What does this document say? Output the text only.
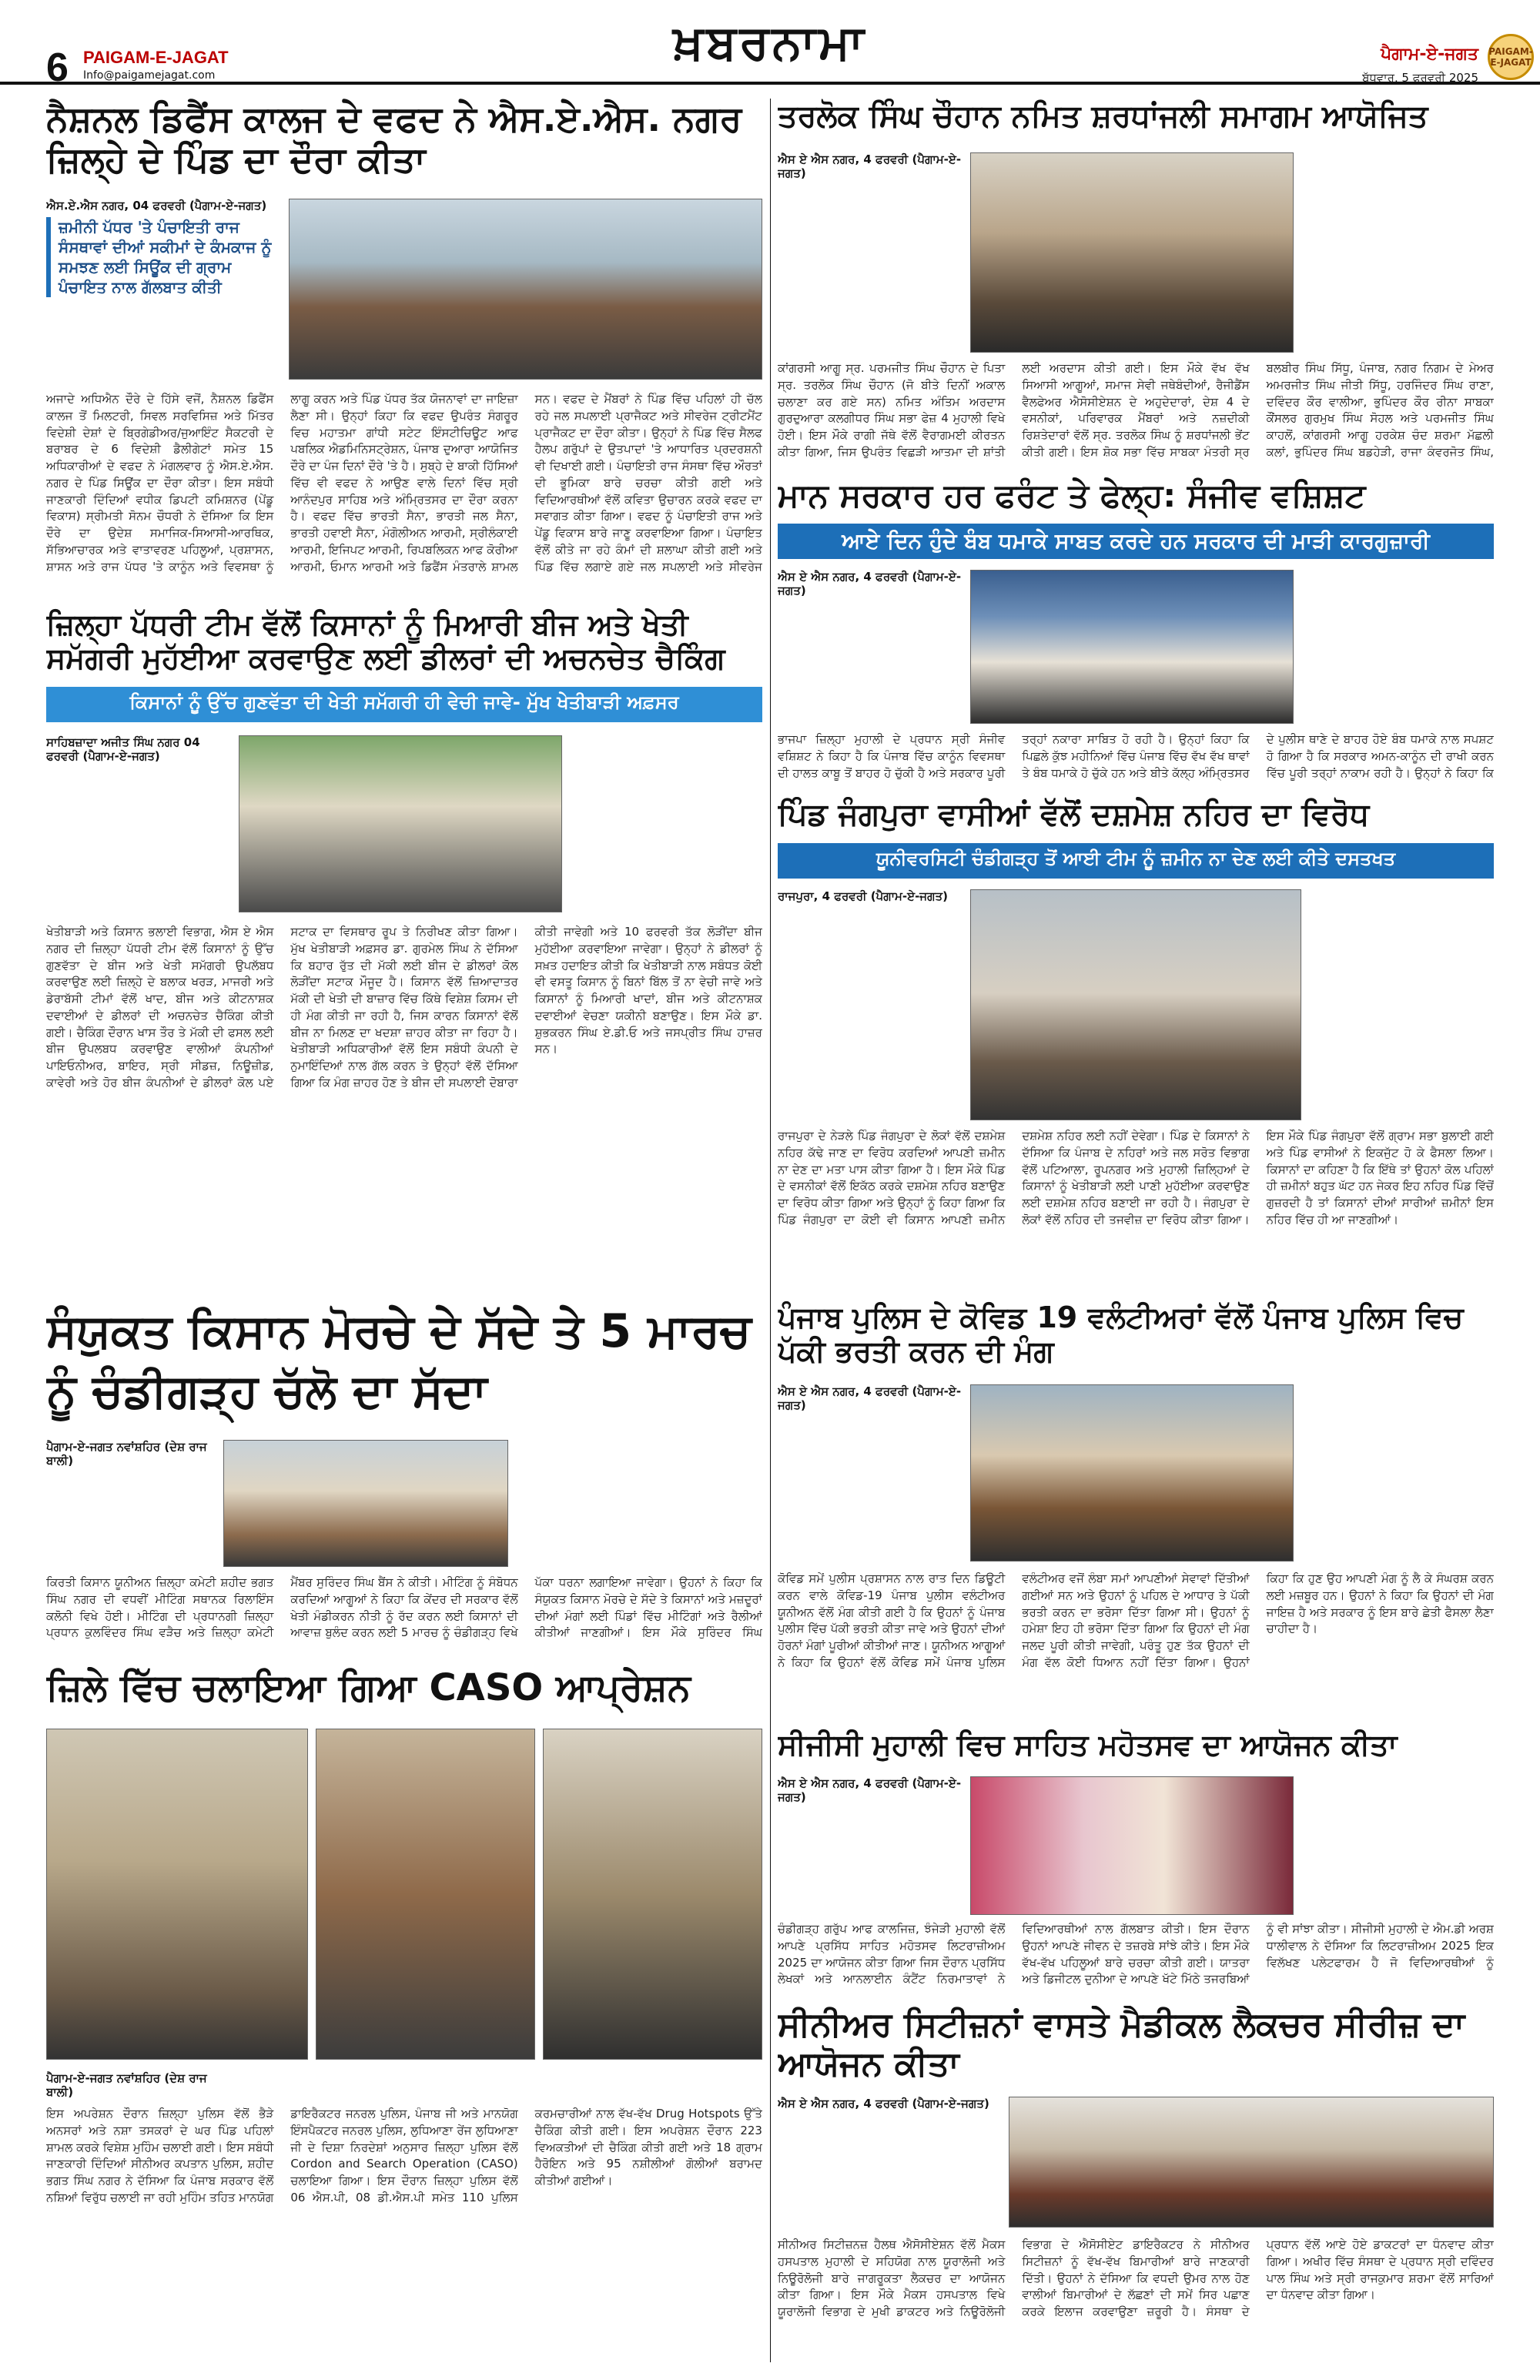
6 PAIGAM-E-JAGAT
Info@paigamejagat.com
ਖ਼ਬਰਨਾਮਾ	ਪੈਗਾਮ-ਏ-ਜਗਤ
ਬੁੱਧਵਾਰ, 5 ਫਰਵਰੀ 2025
PAIGAM-E-JAGAT
ਨੈਸ਼ਨਲ ਡਿਫੈਂਸ ਕਾਲਜ ਦੇ ਵਫਦ ਨੇ ਐਸ.ਏ.ਐਸ. ਨਗਰ ਜ਼ਿਲ੍ਹੇ ਦੇ ਪਿੰਡ ਦਾ ਦੌਰਾ ਕੀਤਾ
ਐਸ.ਏ.ਐਸ ਨਗਰ, 04 ਫਰਵਰੀ (ਪੈਗਾਮ-ਏ-ਜਗਤ)
ਜ਼ਮੀਨੀ ਪੱਧਰ 'ਤੇ ਪੰਚਾਇਤੀ ਰਾਜ ਸੰਸਥਾਵਾਂ ਦੀਆਂ ਸਕੀਮਾਂ ਦੇ ਕੰਮਕਾਜ ਨੂੰ ਸਮਝਣ ਲਈ ਸਿਊਂਕ ਦੀ ਗ੍ਰਾਮ ਪੰਚਾਇਤ ਨਾਲ ਗੱਲਬਾਤ ਕੀਤੀ
ਅਜਾਦੇ ਅਧਿਐਨ ਦੌਰੇ ਦੇ ਹਿੱਸੇ ਵਜੋਂ, ਨੈਸ਼ਨਲ ਡਿਫੈਂਸ ਕਾਲਜ ਤੋਂ ਮਿਲਟਰੀ, ਸਿਵਲ ਸਰਵਿਸਿਜ਼ ਅਤੇ ਮਿੱਤਰ ਵਿਦੇਸ਼ੀ ਦੇਸ਼ਾਂ ਦੇ ਬ੍ਰਿਗੇਡੀਅਰ/ਜੁਆਇੰਟ ਸੈਕਟਰੀ ਦੇ ਬਰਾਬਰ ਦੇ 6 ਵਿਦੇਸ਼ੀ ਡੈਲੀਗੇਟਾਂ ਸਮੇਤ 15 ਅਧਿਕਾਰੀਆਂ ਦੇ ਵਫਦ ਨੇ ਮੰਗਲਵਾਰ ਨੂੰ ਐਸ.ਏ.ਐਸ. ਨਗਰ ਦੇ ਪਿੰਡ ਸਿਊਂਕ ਦਾ ਦੌਰਾ ਕੀਤਾ। ਇਸ ਸਬੰਧੀ ਜਾਣਕਾਰੀ ਦਿੰਦਿਆਂ ਵਧੀਕ ਡਿਪਟੀ ਕਮਿਸ਼ਨਰ (ਪੇਂਡੂ ਵਿਕਾਸ) ਸ੍ਰੀਮਤੀ ਸੋਨਮ ਚੌਧਰੀ ਨੇ ਦੱਸਿਆ ਕਿ ਇਸ ਦੌਰੇ ਦਾ ਉਦੇਸ਼ ਸਮਾਜਿਕ-ਸਿਆਸੀ-ਆਰਥਿਕ, ਸੱਭਿਆਚਾਰਕ ਅਤੇ ਵਾਤਾਵਰਣ ਪਹਿਲੂਆਂ, ਪ੍ਰਸ਼ਾਸਨ, ਸ਼ਾਸਨ ਅਤੇ ਰਾਜ ਪੱਧਰ 'ਤੇ ਕਾਨੂੰਨ ਅਤੇ ਵਿਵਸਥਾ ਨੂੰ ਲਾਗੂ ਕਰਨ ਅਤੇ ਪਿੰਡ ਪੱਧਰ ਤੱਕ ਯੋਜਨਾਵਾਂ ਦਾ ਜਾਇਜ਼ਾ ਲੈਣਾ ਸੀ। ਉਨ੍ਹਾਂ ਕਿਹਾ ਕਿ ਵਫਦ ਉਪਰੰਤ ਸੰਗਰੂਰ ਵਿਚ ਮਹਾਤਮਾ ਗਾਂਧੀ ਸਟੇਟ ਇੰਸਟੀਚਿਊਟ ਆਫ ਪਬਲਿਕ ਐਡਮਿਨਿਸਟ੍ਰੇਸ਼ਨ, ਪੰਜਾਬ ਦੁਆਰਾ ਆਯੋਜਿਤ ਦੌਰੇ ਦਾ ਪੰਜ ਦਿਨਾਂ ਦੌਰੇ 'ਤੇ ਹੈ। ਸੁਬ੍ਹੇ ਦੇ ਬਾਕੀ ਹਿੱਸਿਆਂ ਵਿੱਚ ਵੀ ਵਫਦ ਨੇ ਆਉਣ ਵਾਲੇ ਦਿਨਾਂ ਵਿੱਚ ਸ੍ਰੀ ਆਨੰਦਪੁਰ ਸਾਹਿਬ ਅਤੇ ਅੰਮ੍ਰਿਤਸਰ ਦਾ ਦੌਰਾ ਕਰਨਾ ਹੈ। ਵਫਦ ਵਿੱਚ ਭਾਰਤੀ ਸੈਨਾ, ਭਾਰਤੀ ਜਲ ਸੈਨਾ, ਭਾਰਤੀ ਹਵਾਈ ਸੈਨਾ, ਮੰਗੋਲੀਅਨ ਆਰਮੀ, ਸ੍ਰੀਲੰਕਾਈ ਆਰਮੀ, ਇਜਿਪਟ ਆਰਮੀ, ਰਿਪਬਲਿਕਨ ਆਫ ਕੋਰੀਆ ਆਰਮੀ, ਓਮਾਨ ਆਰਮੀ ਅਤੇ ਡਿਫੈਂਸ ਮੰਤਰਾਲੇ ਸ਼ਾਮਲ ਸਨ। ਵਫਦ ਦੇ ਮੈਂਬਰਾਂ ਨੇ ਪਿੰਡ ਵਿੱਚ ਪਹਿਲਾਂ ਹੀ ਚੱਲ ਰਹੇ ਜਲ ਸਪਲਾਈ ਪ੍ਰਾਜੈਕਟ ਅਤੇ ਸੀਵਰੇਜ ਟ੍ਰੀਟਮੈਂਟ ਪ੍ਰਾਜੈਕਟ ਦਾ ਦੌਰਾ ਕੀਤਾ। ਉਨ੍ਹਾਂ ਨੇ ਪਿੰਡ ਵਿੱਚ ਸੈਲਫ ਹੈਲਪ ਗਰੁੱਪਾਂ ਦੇ ਉਤਪਾਦਾਂ 'ਤੇ ਆਧਾਰਿਤ ਪ੍ਰਦਰਸ਼ਨੀ ਵੀ ਦਿਖਾਈ ਗਈ। ਪੰਚਾਇਤੀ ਰਾਜ ਸੰਸਥਾ ਵਿੱਚ ਔਰਤਾਂ ਦੀ ਭੂਮਿਕਾ ਬਾਰੇ ਚਰਚਾ ਕੀਤੀ ਗਈ ਅਤੇ ਵਿਦਿਆਰਥੀਆਂ ਵੱਲੋਂ ਕਵਿਤਾ ਉਚਾਰਨ ਕਰਕੇ ਵਫਦ ਦਾ ਸਵਾਗਤ ਕੀਤਾ ਗਿਆ। ਵਫਦ ਨੂੰ ਪੰਚਾਇਤੀ ਰਾਜ ਅਤੇ ਪੇਂਡੂ ਵਿਕਾਸ ਬਾਰੇ ਜਾਣੂ ਕਰਵਾਇਆ ਗਿਆ। ਪੰਚਾਇਤ ਵੱਲੋਂ ਕੀਤੇ ਜਾ ਰਹੇ ਕੰਮਾਂ ਦੀ ਸ਼ਲਾਘਾ ਕੀਤੀ ਗਈ ਅਤੇ ਪਿੰਡ ਵਿੱਚ ਲਗਾਏ ਗਏ ਜਲ ਸਪਲਾਈ ਅਤੇ ਸੀਵਰੇਜ
ਤਰਲੋਕ ਸਿੰਘ ਚੌਹਾਨ ਨਮਿਤ ਸ਼ਰਧਾਂਜਲੀ ਸਮਾਗਮ ਆਯੋਜਿਤ
ਐਸ ਏ ਐਸ ਨਗਰ, 4 ਫਰਵਰੀ (ਪੈਗਾਮ-ਏ-ਜਗਤ)
ਕਾਂਗਰਸੀ ਆਗੂ ਸ੍ਰ. ਪਰਮਜੀਤ ਸਿੰਘ ਚੌਹਾਨ ਦੇ ਪਿਤਾ ਸ੍ਰ. ਤਰਲੋਕ ਸਿੰਘ ਚੌਹਾਨ (ਜੋ ਬੀਤੇ ਦਿਨੀਂ ਅਕਾਲ ਚਲਾਣਾ ਕਰ ਗਏ ਸਨ) ਨਮਿਤ ਅੰਤਿਮ ਅਰਦਾਸ ਗੁਰਦੁਆਰਾ ਕਲਗੀਧਰ ਸਿੰਘ ਸਭਾ ਫੇਜ਼ 4 ਮੁਹਾਲੀ ਵਿਖੇ ਹੋਈ। ਇਸ ਮੌਕੇ ਰਾਗੀ ਜੱਥੇ ਵੱਲੋਂ ਵੈਰਾਗਮਈ ਕੀਰਤਨ ਕੀਤਾ ਗਿਆ, ਜਿਸ ਉਪਰੰਤ ਵਿਛੜੀ ਆਤਮਾ ਦੀ ਸ਼ਾਂਤੀ ਲਈ ਅਰਦਾਸ ਕੀਤੀ ਗਈ। ਇਸ ਮੌਕੇ ਵੱਖ ਵੱਖ ਸਿਆਸੀ ਆਗੂਆਂ, ਸਮਾਜ ਸੇਵੀ ਜਥੇਬੰਦੀਆਂ, ਰੈਜੀਡੈਂਸ ਵੈਲਫੇਅਰ ਐਸੋਸੀਏਸ਼ਨ ਦੇ ਅਹੁਦੇਦਾਰਾਂ, ਦੇਸ਼ 4 ਦੇ ਵਸਨੀਕਾਂ, ਪਰਿਵਾਰਕ ਮੈਂਬਰਾਂ ਅਤੇ ਨਜ਼ਦੀਕੀ ਰਿਸ਼ਤੇਦਾਰਾਂ ਵੱਲੋਂ ਸ੍ਰ. ਤਰਲੋਕ ਸਿੰਘ ਨੂੰ ਸ਼ਰਧਾਂਜਲੀ ਭੇਂਟ ਕੀਤੀ ਗਈ। ਇਸ ਸ਼ੋਕ ਸਭਾ ਵਿੱਚ ਸਾਬਕਾ ਮੰਤਰੀ ਸ੍ਰ ਬਲਬੀਰ ਸਿੰਘ ਸਿੱਧੂ, ਪੰਜਾਬ, ਨਗਰ ਨਿਗਮ ਦੇ ਮੇਅਰ ਅਮਰਜੀਤ ਸਿੰਘ ਜੀਤੀ ਸਿੱਧੂ, ਹਰਜਿੰਦਰ ਸਿੰਘ ਰਾਣਾ, ਦਵਿੰਦਰ ਕੌਰ ਵਾਲੀਆ, ਭੁਪਿੰਦਰ ਕੌਰ ਰੀਨਾ ਸਾਬਕਾ ਕੌਂਸਲਰ ਗੁਰਮੁਖ ਸਿੰਘ ਸੋਹਲ ਅਤੇ ਪਰਮਜੀਤ ਸਿੰਘ ਕਾਹਲੋਂ, ਕਾਂਗਰਸੀ ਆਗੂ ਹਰਕੇਸ਼ ਚੰਦ ਸ਼ਰਮਾ ਮੱਛਲੀ ਕਲਾਂ, ਭੁਪਿੰਦਰ ਸਿੰਘ ਬਡਹੇੜੀ, ਰਾਜਾ ਕੰਵਰਜੋਤ ਸਿੰਘ,
ਮਾਨ ਸਰਕਾਰ ਹਰ ਫਰੰਟ ਤੇ ਫੇਲ੍ਹ: ਸੰਜੀਵ ਵਸ਼ਿਸ਼ਟ
ਆਏ ਦਿਨ ਹੁੰਦੇ ਬੰਬ ਧਮਾਕੇ ਸਾਬਤ ਕਰਦੇ ਹਨ ਸਰਕਾਰ ਦੀ ਮਾੜੀ ਕਾਰਗੁਜ਼ਾਰੀ
ਐਸ ਏ ਐਸ ਨਗਰ, 4 ਫਰਵਰੀ (ਪੈਗਾਮ-ਏ-ਜਗਤ)
ਭਾਜਪਾ ਜ਼ਿਲ੍ਹਾ ਮੁਹਾਲੀ ਦੇ ਪ੍ਰਧਾਨ ਸ੍ਰੀ ਸੰਜੀਵ ਵਸ਼ਿਸ਼ਟ ਨੇ ਕਿਹਾ ਹੈ ਕਿ ਪੰਜਾਬ ਵਿੱਚ ਕਾਨੂੰਨ ਵਿਵਸਥਾ ਦੀ ਹਾਲਤ ਕਾਬੂ ਤੋਂ ਬਾਹਰ ਹੋ ਚੁੱਕੀ ਹੈ ਅਤੇ ਸਰਕਾਰ ਪੂਰੀ ਤਰ੍ਹਾਂ ਨਕਾਰਾ ਸਾਬਿਤ ਹੋ ਰਹੀ ਹੈ। ਉਨ੍ਹਾਂ ਕਿਹਾ ਕਿ ਪਿਛਲੇ ਕੁੱਝ ਮਹੀਨਿਆਂ ਵਿੱਚ ਪੰਜਾਬ ਵਿੱਚ ਵੱਖ ਵੱਖ ਥਾਵਾਂ ਤੇ ਬੰਬ ਧਮਾਕੇ ਹੋ ਚੁੱਕੇ ਹਨ ਅਤੇ ਬੀਤੇ ਕੱਲ੍ਹ ਅੰਮ੍ਰਿਤਸਰ ਦੇ ਪੁਲੀਸ ਥਾਣੇ ਦੇ ਬਾਹਰ ਹੋਏ ਬੰਬ ਧਮਾਕੇ ਨਾਲ ਸਪਸ਼ਟ ਹੋ ਗਿਆ ਹੈ ਕਿ ਸਰਕਾਰ ਅਮਨ-ਕਾਨੂੰਨ ਦੀ ਰਾਖੀ ਕਰਨ ਵਿੱਚ ਪੂਰੀ ਤਰ੍ਹਾਂ ਨਾਕਾਮ ਰਹੀ ਹੈ। ਉਨ੍ਹਾਂ ਨੇ ਕਿਹਾ ਕਿ
ਜ਼ਿਲ੍ਹਾ ਪੱਧਰੀ ਟੀਮ ਵੱਲੋਂ ਕਿਸਾਨਾਂ ਨੂੰ ਮਿਆਰੀ ਬੀਜ ਅਤੇ ਖੇਤੀ ਸਮੱਗਰੀ ਮੁਹੱਈਆ ਕਰਵਾਉਣ ਲਈ ਡੀਲਰਾਂ ਦੀ ਅਚਨਚੇਤ ਚੈਕਿੰਗ
ਕਿਸਾਨਾਂ ਨੂੰ ਉੱਚ ਗੁਣਵੱਤਾ ਦੀ ਖੇਤੀ ਸਮੱਗਰੀ ਹੀ ਵੇਚੀ ਜਾਵੇ- ਮੁੱਖ ਖੇਤੀਬਾੜੀ ਅਫ਼ਸਰ
ਸਾਹਿਬਜ਼ਾਦਾ ਅਜੀਤ ਸਿੰਘ ਨਗਰ 04 ਫਰਵਰੀ (ਪੈਗਾਮ-ਏ-ਜਗਤ)
ਖੇਤੀਬਾੜੀ ਅਤੇ ਕਿਸਾਨ ਭਲਾਈ ਵਿਭਾਗ, ਐਸ ਏ ਐਸ ਨਗਰ ਦੀ ਜ਼ਿਲ੍ਹਾ ਪੱਧਰੀ ਟੀਮ ਵੱਲੋਂ ਕਿਸਾਨਾਂ ਨੂੰ ਉੱਚ ਗੁਣਵੱਤਾ ਦੇ ਬੀਜ ਅਤੇ ਖੇਤੀ ਸਮੱਗਰੀ ਉਪਲੱਬਧ ਕਰਵਾਉਣ ਲਈ ਜ਼ਿਲ੍ਹੇ ਦੇ ਬਲਾਕ ਖਰੜ, ਮਾਜਰੀ ਅਤੇ ਡੇਰਾਬੱਸੀ ਟੀਮਾਂ ਵੱਲੋਂ ਖਾਦ, ਬੀਜ ਅਤੇ ਕੀਟਨਾਸ਼ਕ ਦਵਾਈਆਂ ਦੇ ਡੀਲਰਾਂ ਦੀ ਅਚਨਚੇਤ ਚੈਕਿੰਗ ਕੀਤੀ ਗਈ। ਚੈਕਿੰਗ ਦੌਰਾਨ ਖਾਸ ਤੌਰ ਤੇ ਮੱਕੀ ਦੀ ਫਸਲ ਲਈ ਬੀਜ ਉਪਲਬਧ ਕਰਵਾਉਣ ਵਾਲੀਆਂ ਕੰਪਨੀਆਂ ਪਾਇਓਨੀਅਰ, ਬਾਇਰ, ਸ੍ਰੀ ਸੀਡਜ਼, ਨਿਊਜ਼ੀਡ, ਕਾਵੇਰੀ ਅਤੇ ਹੋਰ ਬੀਜ ਕੰਪਨੀਆਂ ਦੇ ਡੀਲਰਾਂ ਕੋਲ ਪਏ ਸਟਾਕ ਦਾ ਵਿਸਥਾਰ ਰੂਪ ਤੇ ਨਿਰੀਖਣ ਕੀਤਾ ਗਿਆ। ਮੁੱਖ ਖੇਤੀਬਾੜੀ ਅਫ਼ਸਰ ਡਾ. ਗੁਰਮੇਲ ਸਿੰਘ ਨੇ ਦੱਸਿਆ ਕਿ ਬਹਾਰ ਰੁੱਤ ਦੀ ਮੱਕੀ ਲਈ ਬੀਜ ਦੇ ਡੀਲਰਾਂ ਕੋਲ ਲੋੜੀਂਦਾ ਸਟਾਕ ਮੌਜੂਦ ਹੈ। ਕਿਸਾਨ ਵੱਲੋਂ ਜ਼ਿਆਦਾਤਰ ਮੱਕੀ ਦੀ ਖੇਤੀ ਦੀ ਬਾਜ਼ਾਰ ਵਿੱਚ ਕਿੱਥੇ ਵਿਸ਼ੇਸ਼ ਕਿਸਮ ਦੀ ਹੀ ਮੰਗ ਕੀਤੀ ਜਾ ਰਹੀ ਹੈ, ਜਿਸ ਕਾਰਨ ਕਿਸਾਨਾਂ ਵੱਲੋਂ ਬੀਜ ਨਾ ਮਿਲਣ ਦਾ ਖਦਸ਼ਾ ਜ਼ਾਹਰ ਕੀਤਾ ਜਾ ਰਿਹਾ ਹੈ। ਖੇਤੀਬਾੜੀ ਅਧਿਕਾਰੀਆਂ ਵੱਲੋਂ ਇਸ ਸਬੰਧੀ ਕੰਪਨੀ ਦੇ ਨੁਮਾਇੰਦਿਆਂ ਨਾਲ ਗੱਲ ਕਰਨ ਤੇ ਉਨ੍ਹਾਂ ਵੱਲੋਂ ਦੱਸਿਆ ਗਿਆ ਕਿ ਮੰਗ ਜ਼ਾਹਰ ਹੋਣ ਤੇ ਬੀਜ ਦੀ ਸਪਲਾਈ ਦੋਬਾਰਾ ਕੀਤੀ ਜਾਵੇਗੀ ਅਤੇ 10 ਫਰਵਰੀ ਤੱਕ ਲੋੜੀਂਦਾ ਬੀਜ ਮੁਹੱਈਆ ਕਰਵਾਇਆ ਜਾਵੇਗਾ। ਉਨ੍ਹਾਂ ਨੇ ਡੀਲਰਾਂ ਨੂੰ ਸਖ਼ਤ ਹਦਾਇਤ ਕੀਤੀ ਕਿ ਖੇਤੀਬਾੜੀ ਨਾਲ ਸਬੰਧਤ ਕੋਈ ਵੀ ਵਸਤੂ ਕਿਸਾਨ ਨੂੰ ਬਿਨਾਂ ਬਿੱਲ ਤੋਂ ਨਾ ਵੇਚੀ ਜਾਵੇ ਅਤੇ ਕਿਸਾਨਾਂ ਨੂੰ ਮਿਆਰੀ ਖਾਦਾਂ, ਬੀਜ ਅਤੇ ਕੀਟਨਾਸ਼ਕ ਦਵਾਈਆਂ ਵੇਚਣਾ ਯਕੀਨੀ ਬਣਾਉਣ। ਇਸ ਮੌਕੇ ਡਾ. ਸ਼ੁਭਕਰਨ ਸਿੰਘ ਏ.ਡੀ.ਓ ਅਤੇ ਜਸਪ੍ਰੀਤ ਸਿੰਘ ਹਾਜ਼ਰ ਸਨ।
ਪਿੰਡ ਜੰਗਪੁਰਾ ਵਾਸੀਆਂ ਵੱਲੋਂ ਦਸ਼ਮੇਸ਼ ਨਹਿਰ ਦਾ ਵਿਰੋਧ
ਯੂਨੀਵਰਸਿਟੀ ਚੰਡੀਗੜ੍ਹ ਤੋਂ ਆਈ ਟੀਮ ਨੂੰ ਜ਼ਮੀਨ ਨਾ ਦੇਣ ਲਈ ਕੀਤੇ ਦਸਤਖਤ
ਰਾਜਪੁਰਾ, 4 ਫਰਵਰੀ (ਪੈਗਾਮ-ਏ-ਜਗਤ)
ਰਾਜਪੁਰਾ ਦੇ ਨੇੜਲੇ ਪਿੰਡ ਜੰਗਪੁਰਾ ਦੇ ਲੋਕਾਂ ਵੱਲੋਂ ਦਸ਼ਮੇਸ਼ ਨਹਿਰ ਕੱਢੇ ਜਾਣ ਦਾ ਵਿਰੋਧ ਕਰਦਿਆਂ ਆਪਣੀ ਜ਼ਮੀਨ ਨਾ ਦੇਣ ਦਾ ਮਤਾ ਪਾਸ ਕੀਤਾ ਗਿਆ ਹੈ। ਇਸ ਮੌਕੇ ਪਿੰਡ ਦੇ ਵਸਨੀਕਾਂ ਵੱਲੋਂ ਇਕੱਠ ਕਰਕੇ ਦਸ਼ਮੇਸ਼ ਨਹਿਰ ਬਣਾਉਣ ਦਾ ਵਿਰੋਧ ਕੀਤਾ ਗਿਆ ਅਤੇ ਉਨ੍ਹਾਂ ਨੂੰ ਕਿਹਾ ਗਿਆ ਕਿ ਪਿੰਡ ਜੰਗਪੁਰਾ ਦਾ ਕੋਈ ਵੀ ਕਿਸਾਨ ਆਪਣੀ ਜ਼ਮੀਨ ਦਸ਼ਮੇਸ਼ ਨਹਿਰ ਲਈ ਨਹੀਂ ਦੇਵੇਗਾ। ਪਿੰਡ ਦੇ ਕਿਸਾਨਾਂ ਨੇ ਦੱਸਿਆ ਕਿ ਪੰਜਾਬ ਦੇ ਨਹਿਰਾਂ ਅਤੇ ਜਲ ਸਰੋਤ ਵਿਭਾਗ ਵੱਲੋਂ ਪਟਿਆਲਾ, ਰੂਪਨਗਰ ਅਤੇ ਮੁਹਾਲੀ ਜ਼ਿਲ੍ਹਿਆਂ ਦੇ ਕਿਸਾਨਾਂ ਨੂੰ ਖੇਤੀਬਾੜੀ ਲਈ ਪਾਣੀ ਮੁਹੱਈਆ ਕਰਵਾਉਣ ਲਈ ਦਸ਼ਮੇਸ਼ ਨਹਿਰ ਬਣਾਈ ਜਾ ਰਹੀ ਹੈ। ਜੰਗਪੁਰਾ ਦੇ ਲੋਕਾਂ ਵੱਲੋਂ ਨਹਿਰ ਦੀ ਤਜਵੀਜ਼ ਦਾ ਵਿਰੋਧ ਕੀਤਾ ਗਿਆ। ਇਸ ਮੌਕੇ ਪਿੰਡ ਜੰਗਪੁਰਾ ਵੱਲੋਂ ਗ੍ਰਾਮ ਸਭਾ ਬੁਲਾਈ ਗਈ ਅਤੇ ਪਿੰਡ ਵਾਸੀਆਂ ਨੇ ਇਕਜੁੱਟ ਹੋ ਕੇ ਫੈਸਲਾ ਲਿਆ। ਕਿਸਾਨਾਂ ਦਾ ਕਹਿਣਾ ਹੈ ਕਿ ਇੱਥੇ ਤਾਂ ਉਹਨਾਂ ਕੋਲ ਪਹਿਲਾਂ ਹੀ ਜ਼ਮੀਨਾਂ ਬਹੁਤ ਘੱਟ ਹਨ ਜੇਕਰ ਇਹ ਨਹਿਰ ਪਿੰਡ ਵਿੱਚੋਂ ਗੁਜ਼ਰਦੀ ਹੈ ਤਾਂ ਕਿਸਾਨਾਂ ਦੀਆਂ ਸਾਰੀਆਂ ਜ਼ਮੀਨਾਂ ਇਸ ਨਹਿਰ ਵਿੱਚ ਹੀ ਆ ਜਾਣਗੀਆਂ।
ਸੰਯੁਕਤ ਕਿਸਾਨ ਮੋਰਚੇ ਦੇ ਸੱਦੇ ਤੇ 5 ਮਾਰਚ ਨੂੰ ਚੰਡੀਗੜ੍ਹ ਚੱਲੋ ਦਾ ਸੱਦਾ
ਪੈਗਾਮ-ਏ-ਜਗਤ ਨਵਾਂਸ਼ਹਿਰ (ਦੇਸ਼ ਰਾਜ ਬਾਲੀ)
ਕਿਰਤੀ ਕਿਸਾਨ ਯੂਨੀਅਨ ਜ਼ਿਲ੍ਹਾ ਕਮੇਟੀ ਸ਼ਹੀਦ ਭਗਤ ਸਿੰਘ ਨਗਰ ਦੀ ਵਧਵੀਂ ਮੀਟਿੰਗ ਸਥਾਨਕ ਰਿਲਾਇੰਸ ਕਲੋਨੀ ਵਿਖੇ ਹੋਈ। ਮੀਟਿੰਗ ਦੀ ਪ੍ਰਧਾਨਗੀ ਜ਼ਿਲ੍ਹਾ ਪ੍ਰਧਾਨ ਕੁਲਵਿੰਦਰ ਸਿੰਘ ਵੜੈਚ ਅਤੇ ਜ਼ਿਲ੍ਹਾ ਕਮੇਟੀ ਮੈਂਬਰ ਸੁਰਿੰਦਰ ਸਿੰਘ ਬੈਂਸ ਨੇ ਕੀਤੀ। ਮੀਟਿੰਗ ਨੂੰ ਸੰਬੋਧਨ ਕਰਦਿਆਂ ਆਗੂਆਂ ਨੇ ਕਿਹਾ ਕਿ ਕੇਂਦਰ ਦੀ ਸਰਕਾਰ ਵੱਲੋਂ ਖੇਤੀ ਮੰਡੀਕਰਨ ਨੀਤੀ ਨੂੰ ਰੱਦ ਕਰਨ ਲਈ ਕਿਸਾਨਾਂ ਦੀ ਆਵਾਜ਼ ਬੁਲੰਦ ਕਰਨ ਲਈ 5 ਮਾਰਚ ਨੂੰ ਚੰਡੀਗੜ੍ਹ ਵਿਖੇ ਪੱਕਾ ਧਰਨਾ ਲਗਾਇਆ ਜਾਵੇਗਾ। ਉਹਨਾਂ ਨੇ ਕਿਹਾ ਕਿ ਸੰਯੁਕਤ ਕਿਸਾਨ ਮੋਰਚੇ ਦੇ ਸੱਦੇ ਤੇ ਕਿਸਾਨਾਂ ਅਤੇ ਮਜ਼ਦੂਰਾਂ ਦੀਆਂ ਮੰਗਾਂ ਲਈ ਪਿੰਡਾਂ ਵਿੱਚ ਮੀਟਿੰਗਾਂ ਅਤੇ ਰੈਲੀਆਂ ਕੀਤੀਆਂ ਜਾਣਗੀਆਂ। ਇਸ ਮੌਕੇ ਸੁਰਿੰਦਰ ਸਿੰਘ
ਪੰਜਾਬ ਪੁਲਿਸ ਦੇ ਕੋਵਿਡ 19 ਵਲੰਟੀਅਰਾਂ ਵੱਲੋਂ ਪੰਜਾਬ ਪੁਲਿਸ ਵਿਚ ਪੱਕੀ ਭਰਤੀ ਕਰਨ ਦੀ ਮੰਗ
ਐਸ ਏ ਐਸ ਨਗਰ, 4 ਫਰਵਰੀ (ਪੈਗਾਮ-ਏ-ਜਗਤ)
ਕੋਵਿਡ ਸਮੇਂ ਪੁਲੀਸ ਪ੍ਰਸ਼ਾਸਨ ਨਾਲ ਰਾਤ ਦਿਨ ਡਿਊਟੀ ਕਰਨ ਵਾਲੇ ਕੋਵਿਡ-19 ਪੰਜਾਬ ਪੁਲੀਸ ਵਲੰਟੀਅਰ ਯੂਨੀਅਨ ਵੱਲੋਂ ਮੰਗ ਕੀਤੀ ਗਈ ਹੈ ਕਿ ਉਹਨਾਂ ਨੂੰ ਪੰਜਾਬ ਪੁਲੀਸ ਵਿੱਚ ਪੱਕੀ ਭਰਤੀ ਕੀਤਾ ਜਾਵੇ ਅਤੇ ਉਹਨਾਂ ਦੀਆਂ ਹੋਰਨਾਂ ਮੰਗਾਂ ਪੂਰੀਆਂ ਕੀਤੀਆਂ ਜਾਣ। ਯੂਨੀਅਨ ਆਗੂਆਂ ਨੇ ਕਿਹਾ ਕਿ ਉਹਨਾਂ ਵੱਲੋਂ ਕੋਵਿਡ ਸਮੇਂ ਪੰਜਾਬ ਪੁਲਿਸ ਵਲੰਟੀਅਰ ਵਜੋਂ ਲੰਬਾ ਸਮਾਂ ਆਪਣੀਆਂ ਸੇਵਾਵਾਂ ਦਿੱਤੀਆਂ ਗਈਆਂ ਸਨ ਅਤੇ ਉਹਨਾਂ ਨੂੰ ਪਹਿਲ ਦੇ ਆਧਾਰ ਤੇ ਪੱਕੀ ਭਰਤੀ ਕਰਨ ਦਾ ਭਰੋਸਾ ਦਿੱਤਾ ਗਿਆ ਸੀ। ਉਹਨਾਂ ਨੂੰ ਹਮੇਸ਼ਾ ਇਹ ਹੀ ਭਰੋਸਾ ਦਿੱਤਾ ਗਿਆ ਕਿ ਉਹਨਾਂ ਦੀ ਮੰਗ ਜਲਦ ਪੂਰੀ ਕੀਤੀ ਜਾਵੇਗੀ, ਪਰੰਤੂ ਹੁਣ ਤੱਕ ਉਹਨਾਂ ਦੀ ਮੰਗ ਵੱਲ ਕੋਈ ਧਿਆਨ ਨਹੀਂ ਦਿੱਤਾ ਗਿਆ। ਉਹਨਾਂ ਕਿਹਾ ਕਿ ਹੁਣ ਉਹ ਆਪਣੀ ਮੰਗ ਨੂੰ ਲੈ ਕੇ ਸੰਘਰਸ਼ ਕਰਨ ਲਈ ਮਜ਼ਬੂਰ ਹਨ। ਉਹਨਾਂ ਨੇ ਕਿਹਾ ਕਿ ਉਹਨਾਂ ਦੀ ਮੰਗ ਜਾਇਜ਼ ਹੈ ਅਤੇ ਸਰਕਾਰ ਨੂੰ ਇਸ ਬਾਰੇ ਛੇਤੀ ਫੈਸਲਾ ਲੈਣਾ ਚਾਹੀਦਾ ਹੈ।
ਸੀਜੀਸੀ ਮੁਹਾਲੀ ਵਿਚ ਸਾਹਿਤ ਮਹੋਤਸਵ ਦਾ ਆਯੋਜਨ ਕੀਤਾ
ਐਸ ਏ ਐਸ ਨਗਰ, 4 ਫਰਵਰੀ (ਪੈਗਾਮ-ਏ-ਜਗਤ)
ਚੰਡੀਗੜ੍ਹ ਗਰੁੱਪ ਆਫ ਕਾਲਜਿਜ਼, ਝੰਜੇੜੀ ਮੁਹਾਲੀ ਵੱਲੋਂ ਆਪਣੇ ਪ੍ਰਸਿੱਧ ਸਾਹਿਤ ਮਹੋਤਸਵ ਲਿਟਰਾਜ਼ੀਅਮ 2025 ਦਾ ਆਯੋਜਨ ਕੀਤਾ ਗਿਆ ਜਿਸ ਦੌਰਾਨ ਪ੍ਰਸਿੱਧ ਲੇਖਕਾਂ ਅਤੇ ਆਨਲਾਈਨ ਕੰਟੈਂਟ ਨਿਰਮਾਤਾਵਾਂ ਨੇ ਵਿਦਿਆਰਥੀਆਂ ਨਾਲ ਗੱਲਬਾਤ ਕੀਤੀ। ਇਸ ਦੌਰਾਨ ਉਹਨਾਂ ਆਪਣੇ ਜੀਵਨ ਦੇ ਤਜ਼ਰਬੇ ਸਾਂਝੇ ਕੀਤੇ। ਇਸ ਮੌਕੇ ਵੱਖ-ਵੱਖ ਪਹਿਲੂਆਂ ਬਾਰੇ ਚਰਚਾ ਕੀਤੀ ਗਈ। ਯਾਤਰਾ ਅਤੇ ਡਿਜੀਟਲ ਦੁਨੀਆ ਦੇ ਆਪਣੇ ਖੱਟੇ ਮਿੱਠੇ ਤਜਰਬਿਆਂ ਨੂੰ ਵੀ ਸਾਂਝਾ ਕੀਤਾ। ਸੀਜੀਸੀ ਮੁਹਾਲੀ ਦੇ ਐਮ.ਡੀ ਅਰਸ਼ ਧਾਲੀਵਾਲ ਨੇ ਦੱਸਿਆ ਕਿ ਲਿਟਰਾਜ਼ੀਅਮ 2025 ਇਕ ਵਿਲੱਖਣ ਪਲੇਟਫਾਰਮ ਹੈ ਜੋ ਵਿਦਿਆਰਥੀਆਂ ਨੂੰ
ਜ਼ਿਲੇ ਵਿੱਚ ਚਲਾਇਆ ਗਿਆ CASO ਆਪ੍ਰੇਸ਼ਨ
ਪੈਗਾਮ-ਏ-ਜਗਤ ਨਵਾਂਸ਼ਹਿਰ (ਦੇਸ਼ ਰਾਜ ਬਾਲੀ)
ਇਸ ਅਪਰੇਸ਼ਨ ਦੌਰਾਨ ਜ਼ਿਲ੍ਹਾ ਪੁਲਿਸ ਵੱਲੋਂ ਭੈੜੇ ਅਨਸਰਾਂ ਅਤੇ ਨਸ਼ਾ ਤਸਕਰਾਂ ਦੇ ਘਰ ਪਿੰਡ ਪਹਿਲਾਂ ਸ਼ਾਮਲ ਕਰਕੇ ਵਿਸ਼ੇਸ਼ ਮੁਹਿੰਮ ਚਲਾਈ ਗਈ। ਇਸ ਸਬੰਧੀ ਜਾਣਕਾਰੀ ਦਿੰਦਿਆਂ ਸੀਨੀਅਰ ਕਪਤਾਨ ਪੁਲਿਸ, ਸ਼ਹੀਦ ਭਗਤ ਸਿੰਘ ਨਗਰ ਨੇ ਦੱਸਿਆ ਕਿ ਪੰਜਾਬ ਸਰਕਾਰ ਵੱਲੋਂ ਨਸ਼ਿਆਂ ਵਿਰੁੱਧ ਚਲਾਈ ਜਾ ਰਹੀ ਮੁਹਿੰਮ ਤਹਿਤ ਮਾਨਯੋਗ ਡਾਇਰੈਕਟਰ ਜਨਰਲ ਪੁਲਿਸ, ਪੰਜਾਬ ਜੀ ਅਤੇ ਮਾਨਯੋਗ ਇੰਸਪੈਕਟਰ ਜਨਰਲ ਪੁਲਿਸ, ਲੁਧਿਆਣਾ ਰੇਂਜ ਲੁਧਿਆਣਾ ਜੀ ਦੇ ਦਿਸ਼ਾ ਨਿਰਦੇਸ਼ਾਂ ਅਨੁਸਾਰ ਜ਼ਿਲ੍ਹਾ ਪੁਲਿਸ ਵੱਲੋਂ Cordon and Search Operation (CASO) ਚਲਾਇਆ ਗਿਆ। ਇਸ ਦੌਰਾਨ ਜ਼ਿਲ੍ਹਾ ਪੁਲਿਸ ਵੱਲੋਂ 06 ਐਸ.ਪੀ, 08 ਡੀ.ਐਸ.ਪੀ ਸਮੇਤ 110 ਪੁਲਿਸ ਕਰਮਚਾਰੀਆਂ ਨਾਲ ਵੱਖ-ਵੱਖ Drug Hotspots ਉੱਤੇ ਚੈਕਿੰਗ ਕੀਤੀ ਗਈ। ਇਸ ਅਪਰੇਸ਼ਨ ਦੌਰਾਨ 223 ਵਿਅਕਤੀਆਂ ਦੀ ਚੈਕਿੰਗ ਕੀਤੀ ਗਈ ਅਤੇ 18 ਗ੍ਰਾਮ ਹੈਰੋਇਨ ਅਤੇ 95 ਨਸ਼ੀਲੀਆਂ ਗੋਲੀਆਂ ਬਰਾਮਦ ਕੀਤੀਆਂ ਗਈਆਂ।
ਸੀਨੀਅਰ ਸਿਟੀਜ਼ਨਾਂ ਵਾਸਤੇ ਮੈਡੀਕਲ ਲੈਕਚਰ ਸੀਰੀਜ਼ ਦਾ ਆਯੋਜਨ ਕੀਤਾ
ਐਸ ਏ ਐਸ ਨਗਰ, 4 ਫਰਵਰੀ (ਪੈਗਾਮ-ਏ-ਜਗਤ)
ਸੀਨੀਅਰ ਸਿਟੀਜ਼ਨਜ਼ ਹੈਲਥ ਐਸੋਸੀਏਸ਼ਨ ਵੱਲੋਂ ਮੈਕਸ ਹਸਪਤਾਲ ਮੁਹਾਲੀ ਦੇ ਸਹਿਯੋਗ ਨਾਲ ਯੂਰਾਲੋਜੀ ਅਤੇ ਨਿਊਰੋਲੋਜੀ ਬਾਰੇ ਜਾਗਰੂਕਤਾ ਲੈਕਚਰ ਦਾ ਆਯੋਜਨ ਕੀਤਾ ਗਿਆ। ਇਸ ਮੌਕੇ ਮੈਕਸ ਹਸਪਤਾਲ ਵਿਖੇ ਯੂਰਾਲੋਜੀ ਵਿਭਾਗ ਦੇ ਮੁਖੀ ਡਾਕਟਰ ਅਤੇ ਨਿਊਰੋਲੋਜੀ ਵਿਭਾਗ ਦੇ ਐਸੋਸੀਏਟ ਡਾਇਰੈਕਟਰ ਨੇ ਸੀਨੀਅਰ ਸਿਟੀਜ਼ਨਾਂ ਨੂੰ ਵੱਖ-ਵੱਖ ਬਿਮਾਰੀਆਂ ਬਾਰੇ ਜਾਣਕਾਰੀ ਦਿੱਤੀ। ਉਹਨਾਂ ਨੇ ਦੱਸਿਆ ਕਿ ਵਧਦੀ ਉਮਰ ਨਾਲ ਹੋਣ ਵਾਲੀਆਂ ਬਿਮਾਰੀਆਂ ਦੇ ਲੱਛਣਾਂ ਦੀ ਸਮੇਂ ਸਿਰ ਪਛਾਣ ਕਰਕੇ ਇਲਾਜ ਕਰਵਾਉਣਾ ਜ਼ਰੂਰੀ ਹੈ। ਸੰਸਥਾ ਦੇ ਪ੍ਰਧਾਨ ਵੱਲੋਂ ਆਏ ਹੋਏ ਡਾਕਟਰਾਂ ਦਾ ਧੰਨਵਾਦ ਕੀਤਾ ਗਿਆ। ਅਖੀਰ ਵਿੱਚ ਸੰਸਥਾ ਦੇ ਪ੍ਰਧਾਨ ਸ੍ਰੀ ਦਵਿੰਦਰ ਪਾਲ ਸਿੰਘ ਅਤੇ ਸ੍ਰੀ ਰਾਜਕੁਮਾਰ ਸ਼ਰਮਾ ਵੱਲੋਂ ਸਾਰਿਆਂ ਦਾ ਧੰਨਵਾਦ ਕੀਤਾ ਗਿਆ।
